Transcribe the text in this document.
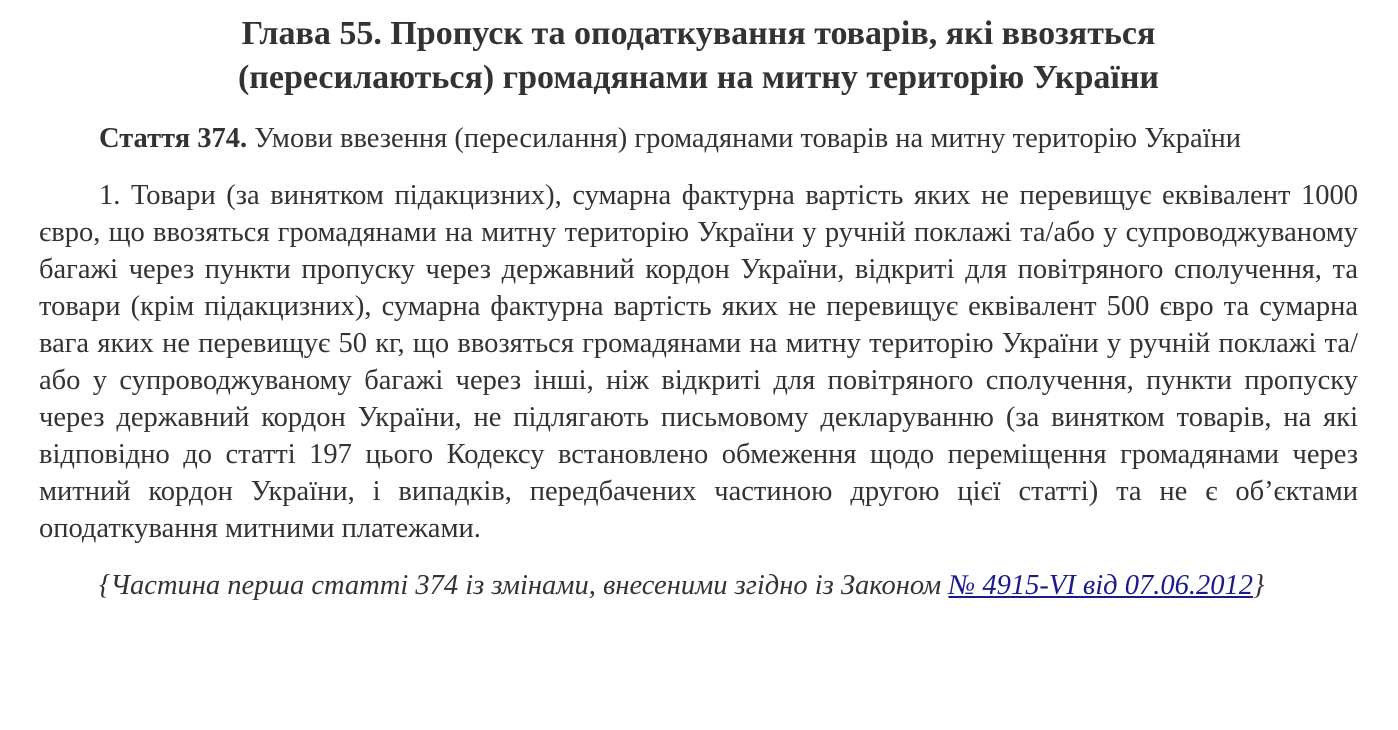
Глава 55. Пропуск та оподаткування товарів, які ввозяться
(пересилаються) громадянами на митну територію України

Стаття 374. Умови ввезення (пересилання) громадянами товарів на митну територію України

1. Товари (за винятком підакцизних), сумарна фактурна вартість яких не перевищує еквівалент 1000 євро, що ввозяться громадянами на митну територію України у ручній поклажі та/або у супроводжуваному багажі через пункти пропуску через державний кордон України, відкриті для повітряного сполучення, та товари (крім підакцизних), сумарна фактурна вартість яких не перевищує еквівалент 500 євро та сумарна вага яких не перевищує 50 кг, що ввозяться громадянами на митну територію України у ручній поклажі та/або у супроводжуваному багажі через інші, ніж відкриті для повітряного сполучення, пункти пропуску через державний кордон України, не підлягають письмовому декларуванню (за винятком товарів, на які відповідно до статті 197 цього Кодексу встановлено обмеження щодо переміщення громадянами через митний кордон України, і випадків, передбачених частиною другою цієї статті) та не є об’єктами оподаткування митними платежами.

{Частина перша статті 374 із змінами, внесеними згідно із Законом № 4915-VI від 07.06.2012}
